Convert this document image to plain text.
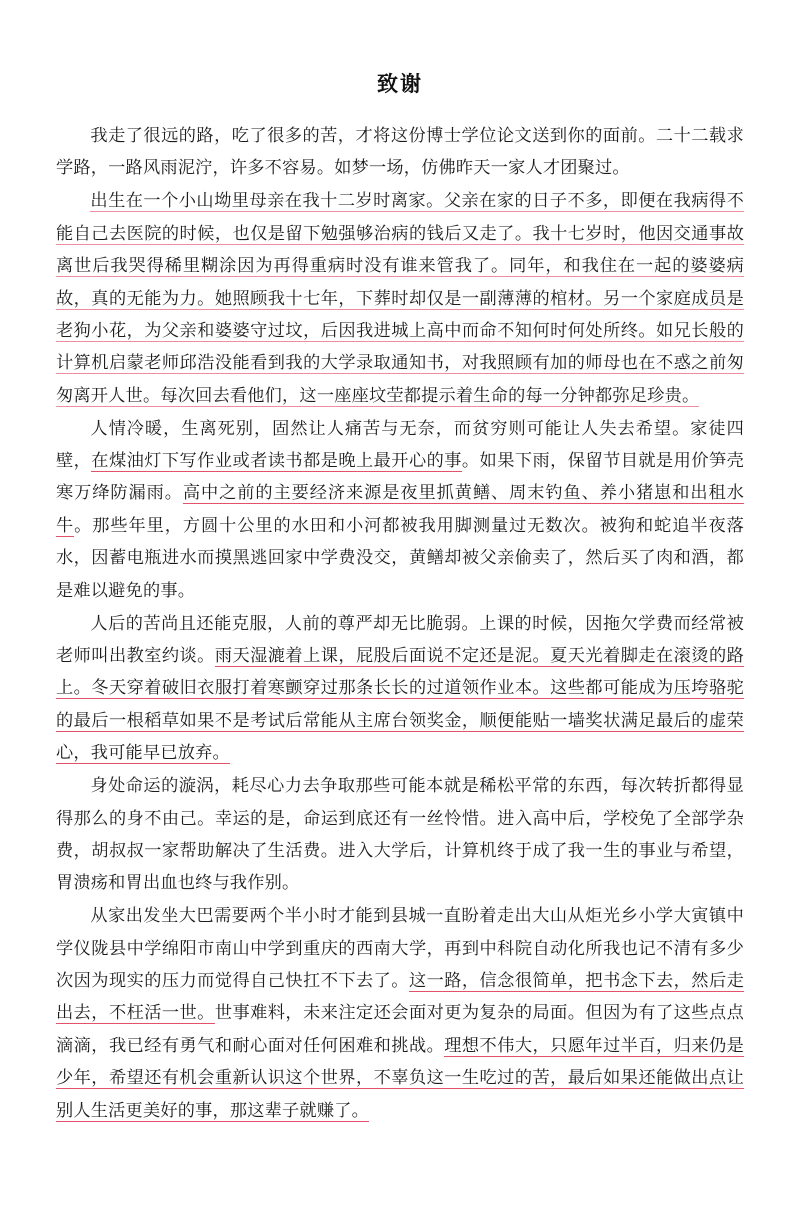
致谢

我走了很远的路，吃了很多的苦，才将这份博士学位论文送到你的面前。二十二载求学路，一路风雨泥泞，许多不容易。如梦一场，仿佛昨天一家人才团聚过。

出生在一个小山坳里母亲在我十二岁时离家。父亲在家的日子不多，即便在我病得不能自己去医院的时候，也仅是留下勉强够治病的钱后又走了。我十七岁时，他因交通事故离世后我哭得稀里糊涂因为再得重病时没有谁来管我了。同年，和我住在一起的婆婆病故，真的无能为力。她照顾我十七年，下葬时却仅是一副薄薄的棺材。另一个家庭成员是老狗小花，为父亲和婆婆守过坟，后因我进城上高中而命不知何时何处所终。如兄长般的计算机启蒙老师邱浩没能看到我的大学录取通知书，对我照顾有加的师母也在不惑之前匆匆离开人世。每次回去看他们，这一座座坟茔都提示着生命的每一分钟都弥足珍贵。

人情冷暖，生离死别，固然让人痛苦与无奈，而贫穷则可能让人失去希望。家徒四壁，在煤油灯下写作业或者读书都是晚上最开心的事。如果下雨，保留节目就是用价笋壳寒万绛防漏雨。高中之前的主要经济来源是夜里抓黄鳝、周末钓鱼、养小猪崽和出租水牛。那些年里，方圆十公里的水田和小河都被我用脚测量过无数次。被狗和蛇追半夜落水，因蓄电瓶进水而摸黑逃回家中学费没交，黄鳝却被父亲偷卖了，然后买了肉和酒，都是难以避免的事。

人后的苦尚且还能克服，人前的尊严却无比脆弱。上课的时候，因拖欠学费而经常被老师叫出教室约谈。雨天湿漉着上课，屁股后面说不定还是泥。夏天光着脚走在滚烫的路上。冬天穿着破旧衣服打着寒颤穿过那条长长的过道领作业本。这些都可能成为压垮骆驼的最后一根稻草如果不是考试后常能从主席台领奖金，顺便能贴一墙奖状满足最后的虚荣心，我可能早已放弃。

身处命运的漩涡，耗尽心力去争取那些可能本就是稀松平常的东西，每次转折都得显得那么的身不由己。幸运的是，命运到底还有一丝怜惜。进入高中后，学校免了全部学杂费，胡叔叔一家帮助解决了生活费。进入大学后，计算机终于成了我一生的事业与希望，胃溃疡和胃出血也终与我作别。

从家出发坐大巴需要两个半小时才能到县城一直盼着走出大山从炬光乡小学大寅镇中学仪陇县中学绵阳市南山中学到重庆的西南大学，再到中科院自动化所我也记不清有多少次因为现实的压力而觉得自己快扛不下去了。这一路，信念很简单，把书念下去，然后走出去，不枉活一世。世事难料，未来注定还会面对更为复杂的局面。但因为有了这些点点滴滴，我已经有勇气和耐心面对任何困难和挑战。理想不伟大，只愿年过半百，归来仍是少年，希望还有机会重新认识这个世界，不辜负这一生吃过的苦，最后如果还能做出点让别人生活更美好的事，那这辈子就赚了。
